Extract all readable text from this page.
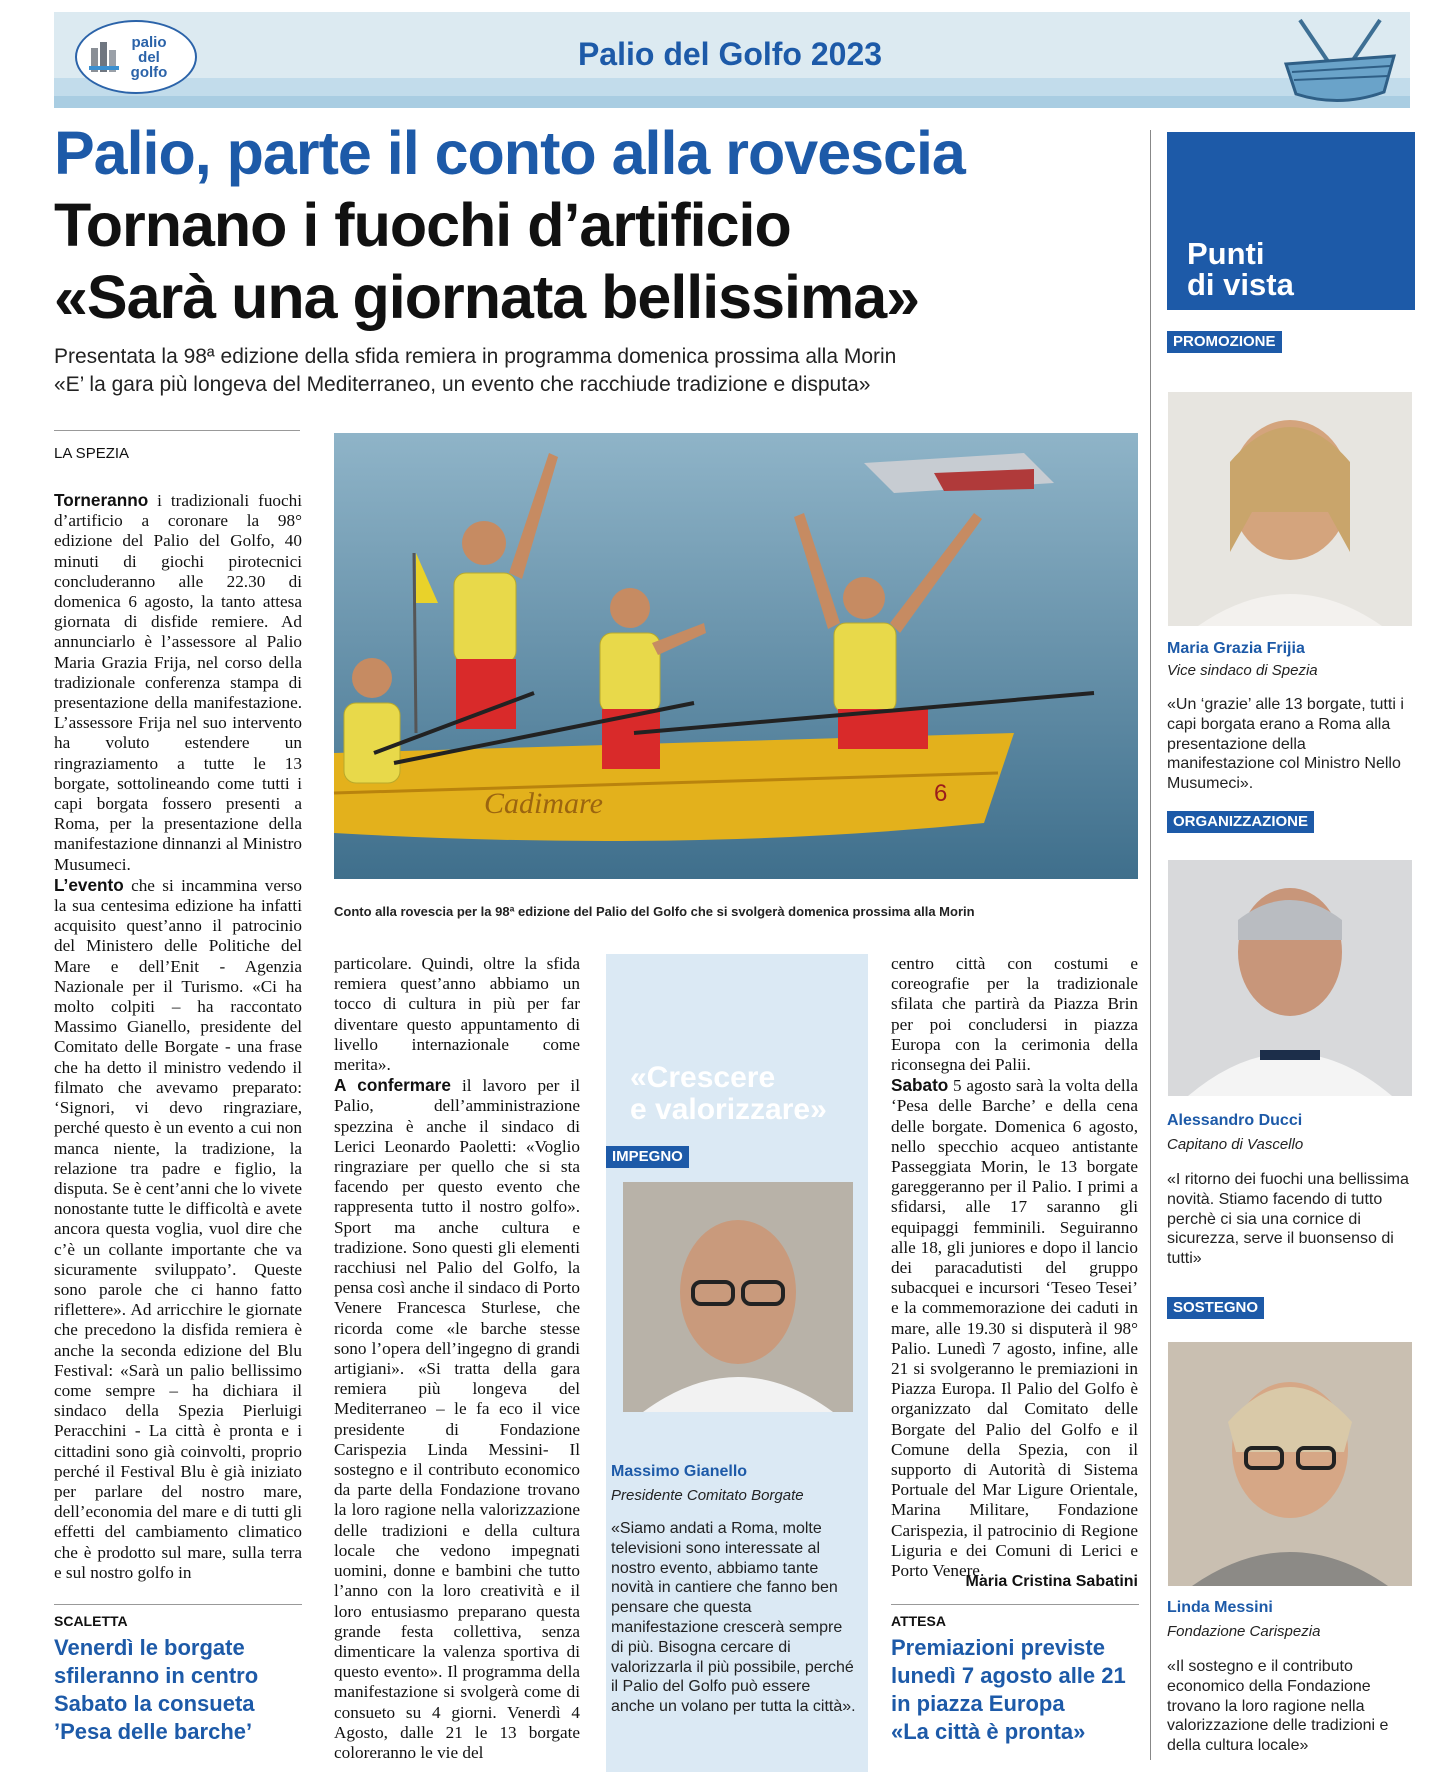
palio
del
golfo	Palio del Golfo 2023
Palio, parte il conto alla rovescia
Tornano i fuochi d’artificio
«Sarà una giornata bellissima»
Presentata la 98ª edizione della sfida remiera in programma domenica prossima alla Morin
«E’ la gara più longeva del Mediterraneo, un evento che racchiude tradizione e disputa»
LA SPEZIA
Torneranno i tradizionali fuochi d’artificio a coronare la 98° edizione del Palio del Golfo, 40 minuti di giochi pirotecnici concluderanno alle 22.30 di domenica 6 agosto, la tanto attesa giornata di disfide remiere. Ad annunciarlo è l’assessore al Palio Maria Grazia Frija, nel corso della tradizionale conferenza stampa di presentazione della manifestazione. L’assessore Frija nel suo intervento ha voluto estendere un ringraziamento a tutte le 13 borgate, sottolineando come tutti i capi borgata fossero presenti a Roma, per la presentazione della manifestazione dinnanzi al Ministro Musumeci.
L’evento che si incammina verso la sua centesima edizione ha infatti acquisito quest’anno il patrocinio del Ministero delle Politiche del Mare e dell’Enit - Agenzia Nazionale per il Turismo. «Ci ha molto colpiti – ha raccontato Massimo Gianello, presidente del Comitato delle Borgate - una frase che ha detto il ministro vedendo il filmato che avevamo preparato: ‘Signori, vi devo ringraziare, perché questo è un evento a cui non manca niente, la tradizione, la relazione tra padre e figlio, la disputa. Se è cent’anni che lo vivete nonostante tutte le difficoltà e avete ancora questa voglia, vuol dire che c’è un collante importante che va sicuramente sviluppato’. Queste sono parole che ci hanno fatto riflettere». Ad arricchire le giornate che precedono la disfida remiera è anche la seconda edizione del Blu Festival: «Sarà un palio bellissimo come sempre – ha dichiara il sindaco della Spezia Pierluigi Peracchini - La città è pronta e i cittadini sono già coinvolti, proprio perché il Festival Blu è già iniziato per parlare del nostro mare, dell’economia del mare e di tutti gli effetti del cambiamento climatico che è prodotto sul mare, sulla terra e sul nostro golfo in
Cadimare	6
Conto alla rovescia per la 98ª edizione del Palio del Golfo che si svolgerà domenica prossima alla Morin
particolare. Quindi, oltre la sfida remiera quest’anno abbiamo un tocco di cultura in più per far diventare questo appuntamento di livello internazionale come merita».
A confermare il lavoro per il Palio, dell’amministrazione spezzina è anche il sindaco di Lerici Leonardo Paoletti: «Voglio ringraziare per quello che si sta facendo per questo evento che rappresenta tutto il nostro golfo». Sport ma anche cultura e tradizione. Sono questi gli elementi racchiusi nel Palio del Golfo, la pensa così anche il sindaco di Porto Venere Francesca Sturlese, che ricorda come «le barche stesse sono l’opera dell’ingegno di grandi artigiani». «Si tratta della gara remiera più longeva del Mediterraneo – le fa eco il vice presidente di Fondazione Carispezia Linda Messini- Il sostegno e il contributo economico da parte della Fondazione trovano la loro ragione nella valorizzazione delle tradizioni e della cultura locale che vedono impegnati uomini, donne e bambini che tutto l’anno con la loro creatività e il loro entusiasmo preparano questa grande festa collettiva, senza dimenticare la valenza sportiva di questo evento». Il programma della manifestazione si svolgerà come di consueto su 4 giorni. Venerdì 4 Agosto, dalle 21 le 13 borgate coloreranno le vie del
«Crescere
e valorizzare»
IMPEGNO
Massimo Gianello
Presidente Comitato Borgate
«Siamo andati a Roma, molte televisioni sono interessate al nostro evento, abbiamo tante novità in cantiere che fanno ben pensare che questa manifestazione crescerà sempre di più. Bisogna cercare di valorizzarla il più possibile, perché il Palio del Golfo può essere anche un volano per tutta la città».
centro città con costumi e coreografie per la tradizionale sfilata che partirà da Piazza Brin per poi concludersi in piazza Europa con la cerimonia della riconsegna dei Palii.
Sabato 5 agosto sarà la volta della ‘Pesa delle Barche’ e della cena delle borgate. Domenica 6 agosto, nello specchio acqueo antistante Passeggiata Morin, le 13 borgate gareggeranno per il Palio. I primi a sfidarsi, alle 17 saranno gli equipaggi femminili. Seguiranno alle 18, gli juniores e dopo il lancio dei paracadutisti del gruppo subacquei e incursori ‘Teseo Tesei’ e la commemorazione dei caduti in mare, alle 19.30 si disputerà il 98° Palio. Lunedì 7 agosto, infine, alle 21 si svolgeranno le premiazioni in Piazza Europa. Il Palio del Golfo è organizzato dal Comitato delle Borgate del Palio del Golfo e il Comune della Spezia, con il supporto di Autorità di Sistema Portuale del Mar Ligure Orientale, Marina Militare, Fondazione Carispezia, il patrocinio di Regione Liguria e dei Comuni di Lerici e Porto Venere.
Maria Cristina Sabatini
SCALETTA
Venerdì le borgate
sfileranno in centro
Sabato la consueta
’Pesa delle barche’
ATTESA
Premiazioni previste
lunedì 7 agosto alle 21
in piazza Europa
«La città è pronta»
Punti
di vista
PROMOZIONE
Maria Grazia Frijia
Vice sindaco di Spezia
«Un ‘grazie’ alle 13 borgate, tutti i capi borgata erano a Roma alla presentazione della manifestazione col Ministro Nello Musumeci».
ORGANIZZAZIONE
Alessandro Ducci
Capitano di Vascello
«I ritorno dei fuochi una bellissima novità. Stiamo facendo di tutto perchè ci sia una cornice di sicurezza, serve il buonsenso di tutti»
SOSTEGNO
Linda Messini
Fondazione Carispezia
«Il sostegno e il contributo economico della Fondazione trovano la loro ragione nella valorizzazione delle tradizioni e della cultura locale»
